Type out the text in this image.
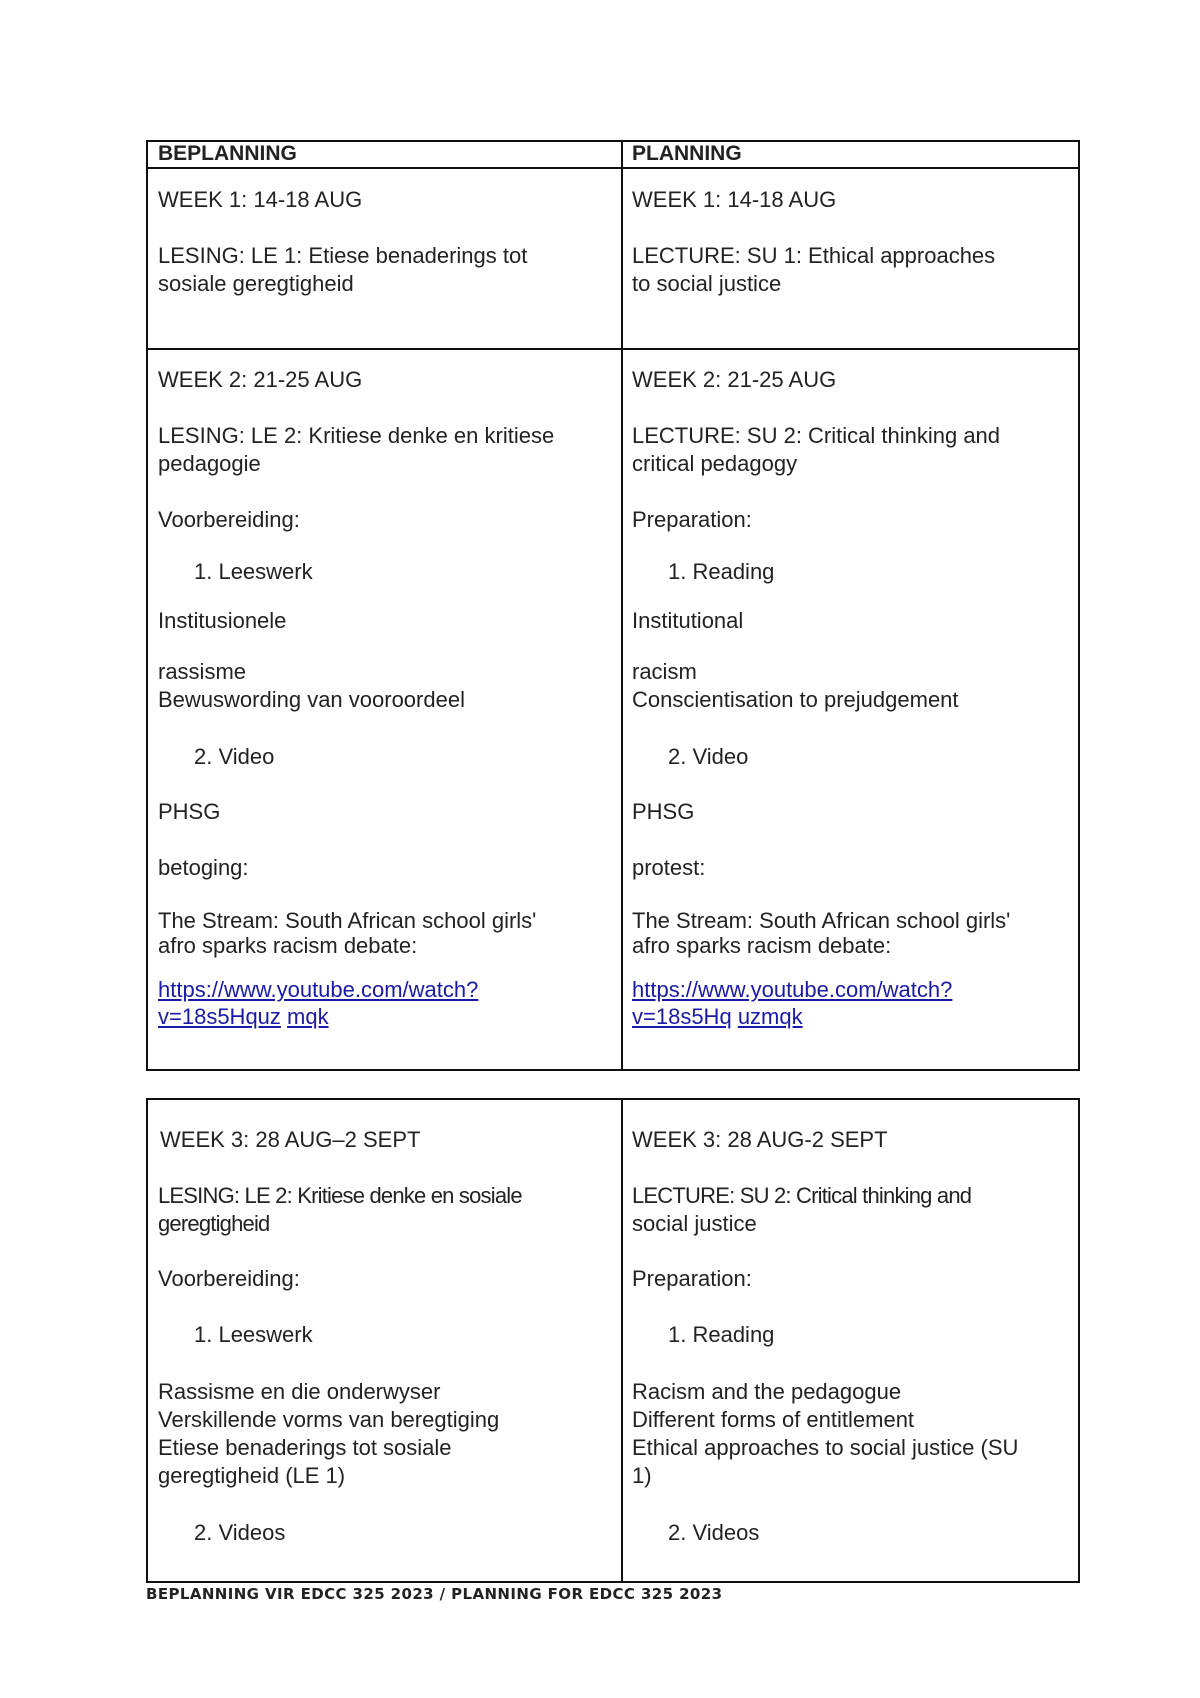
BEPLANNING	PLANNING
WEEK 1: 14-18 AUG
LESING: LE 1: Etiese benaderings tot
sosiale geregtigheid
WEEK 1: 14-18 AUG
LECTURE: SU 1: Ethical approaches
to social justice
WEEK 2: 21-25 AUG
LESING: LE 2: Kritiese denke en kritiese
pedagogie
Voorbereiding:
1. Leeswerk
Institusionele
rassisme
Bewuswording van vooroordeel
2. Video
PHSG
betoging:
The Stream: South African school girls'
afro sparks racism debate:
https://www.youtube.com/watch?
v=18s5Hquz mqk
WEEK 2: 21-25 AUG
LECTURE: SU 2: Critical thinking and
critical pedagogy
Preparation:
1. Reading
Institutional
racism
Conscientisation to prejudgement
2. Video
PHSG
protest:
The Stream: South African school girls'
afro sparks racism debate:
https://www.youtube.com/watch?
v=18s5Hq uzmqk
WEEK 3: 28 AUG–2 SEPT
LESING: LE 2: Kritiese denke en sosiale
geregtigheid
Voorbereiding:
1. Leeswerk
Rassisme en die onderwyser
Verskillende vorms van beregtiging
Etiese benaderings tot sosiale
geregtigheid (LE 1)
2. Videos
WEEK 3: 28 AUG-2 SEPT
LECTURE: SU 2: Critical thinking and
social justice
Preparation:
1. Reading
Racism and the pedagogue
Different forms of entitlement
Ethical approaches to social justice (SU
1)
2. Videos
BEPLANNING VIR EDCC 325 2023 / PLANNING FOR EDCC 325 2023
